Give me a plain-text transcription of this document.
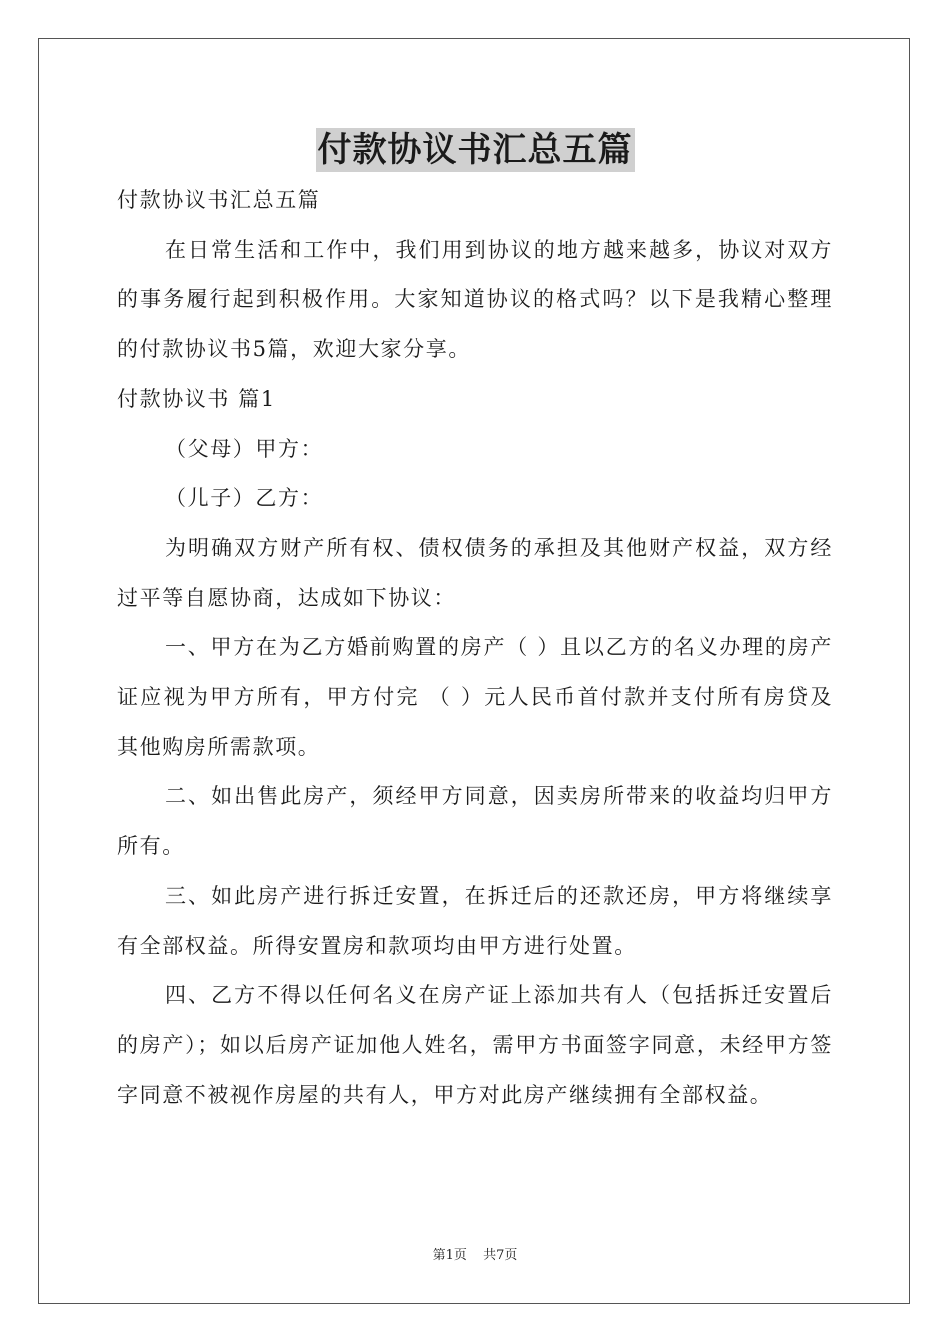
付款协议书汇总五篇

付款协议书汇总五篇

在日常生活和工作中，我们用到协议的地方越来越多，协议对双方的事务履行起到积极作用。大家知道协议的格式吗？以下是我精心整理的付款协议书5篇，欢迎大家分享。

付款协议书 篇1

（父母）甲方：

（儿子）乙方：

为明确双方财产所有权、债权债务的承担及其他财产权益，双方经过平等自愿协商，达成如下协议：

一、甲方在为乙方婚前购置的房产（ ）且以乙方的名义办理的房产证应视为甲方所有，甲方付完 （ ）元人民币首付款并支付所有房贷及其他购房所需款项。

二、如出售此房产，须经甲方同意，因卖房所带来的收益均归甲方所有。

三、如此房产进行拆迁安置，在拆迁后的还款还房，甲方将继续享有全部权益。所得安置房和款项均由甲方进行处置。

四、乙方不得以任何名义在房产证上添加共有人（包括拆迁安置后的房产）；如以后房产证加他人姓名，需甲方书面签字同意，未经甲方签字同意不被视作房屋的共有人，甲方对此房产继续拥有全部权益。

第1页 共7页
